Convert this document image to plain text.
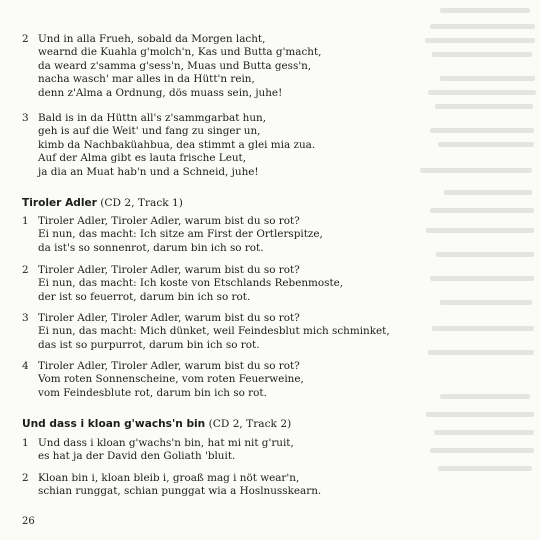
2 Und in alla Frueh, sobald da Morgen lacht,
wearnd die Kuahla g'molch'n, Kas und Butta g'macht,
da weard z'samma g'sess'n, Muas und Butta gess'n,
nacha wasch' mar alles in da Hütt'n rein,
denn z'Alma a Ordnung, dös muass sein, juhe!
3 Bald is in da Hüttn all's z'sammgarbat hun,
geh is auf die Weit' und fang zu singer un,
kimb da Nachbaküahbua, dea stimmt a glei mia zua.
Auf der Alma gibt es lauta frische Leut,
ja dia an Muat hab'n und a Schneid, juhe!
Tiroler Adler (CD 2, Track 1)
1 Tiroler Adler, Tiroler Adler, warum bist du so rot?
Ei nun, das macht: Ich sitze am First der Ortlerspitze,
da ist's so sonnenrot, darum bin ich so rot.
2 Tiroler Adler, Tiroler Adler, warum bist du so rot?
Ei nun, das macht: Ich koste von Etschlands Rebenmoste,
der ist so feuerrot, darum bin ich so rot.
3 Tiroler Adler, Tiroler Adler, warum bist du so rot?
Ei nun, das macht: Mich dünket, weil Feindesblut mich schminket,
das ist so purpurrot, darum bin ich so rot.
4 Tiroler Adler, Tiroler Adler, warum bist du so rot?
Vom roten Sonnenscheine, vom roten Feuerweine,
vom Feindesblute rot, darum bin ich so rot.
Und dass i kloan g'wachs'n bin (CD 2, Track 2)
1 Und dass i kloan g'wachs'n bin, hat mi nit g'ruit,
es hat ja der David den Goliath 'bluit.
2 Kloan bin i, kloan bleib i, groaß mag i nöt wear'n,
schian runggat, schian punggat wia a Hoslnusskearn.
26
